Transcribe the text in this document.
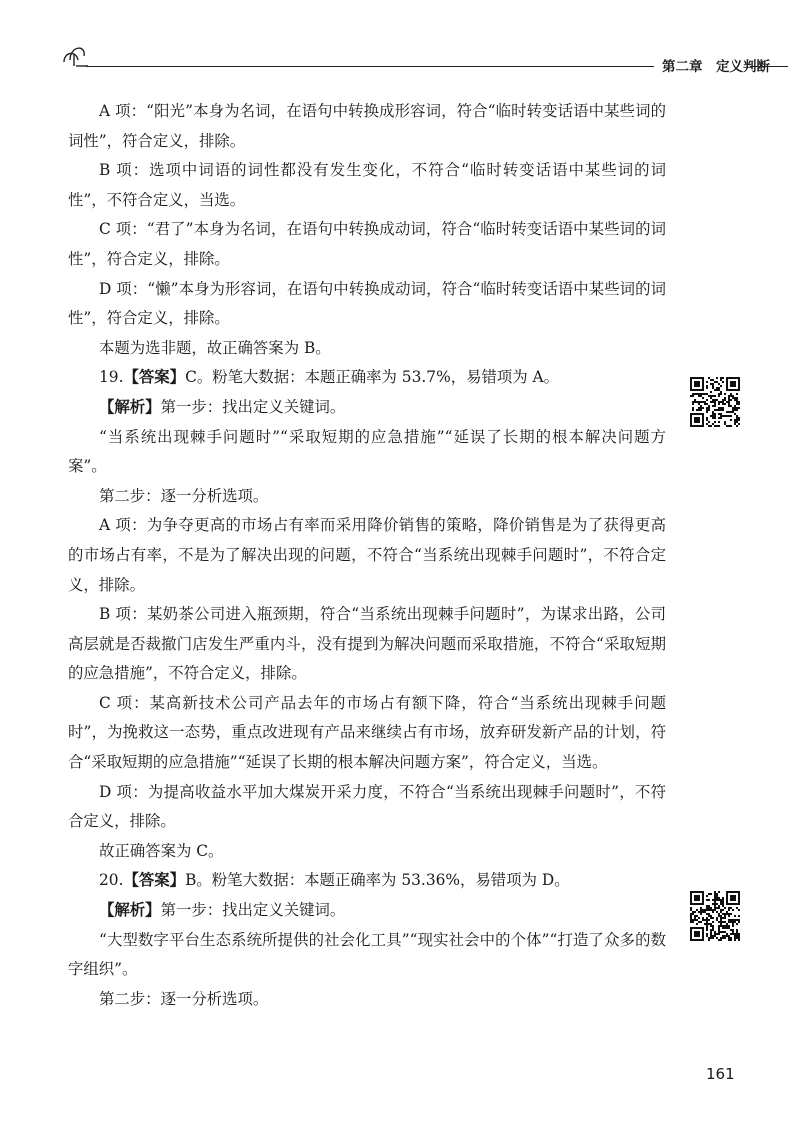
第二章　定义判断

A 项：“阳光”本身为名词，在语句中转换成形容词，符合“临时转变话语中某些词的词性”，符合定义，排除。

B 项：选项中词语的词性都没有发生变化，不符合“临时转变话语中某些词的词性”，不符合定义，当选。

C 项：“君了”本身为名词，在语句中转换成动词，符合“临时转变话语中某些词的词性”，符合定义，排除。

D 项：“懒”本身为形容词，在语句中转换成动词，符合“临时转变话语中某些词的词性”，符合定义，排除。

本题为选非题，故正确答案为 B。

19.【答案】C。粉笔大数据：本题正确率为 53.7%，易错项为 A。

【解析】第一步：找出定义关键词。

“当系统出现棘手问题时”“采取短期的应急措施”“延误了长期的根本解决问题方案”。

第二步：逐一分析选项。

A 项：为争夺更高的市场占有率而采用降价销售的策略，降价销售是为了获得更高的市场占有率，不是为了解决出现的问题，不符合“当系统出现棘手问题时”，不符合定义，排除。

B 项：某奶茶公司进入瓶颈期，符合“当系统出现棘手问题时”，为谋求出路，公司高层就是否裁撤门店发生严重内斗，没有提到为解决问题而采取措施，不符合“采取短期的应急措施”，不符合定义，排除。

C 项：某高新技术公司产品去年的市场占有额下降，符合“当系统出现棘手问题时”，为挽救这一态势，重点改进现有产品来继续占有市场，放弃研发新产品的计划，符合“采取短期的应急措施”“延误了长期的根本解决问题方案”，符合定义，当选。

D 项：为提高收益水平加大煤炭开采力度，不符合“当系统出现棘手问题时”，不符合定义，排除。

故正确答案为 C。

20.【答案】B。粉笔大数据：本题正确率为 53.36%，易错项为 D。

【解析】第一步：找出定义关键词。

“大型数字平台生态系统所提供的社会化工具”“现实社会中的个体”“打造了众多的数字组织”。

第二步：逐一分析选项。

161
